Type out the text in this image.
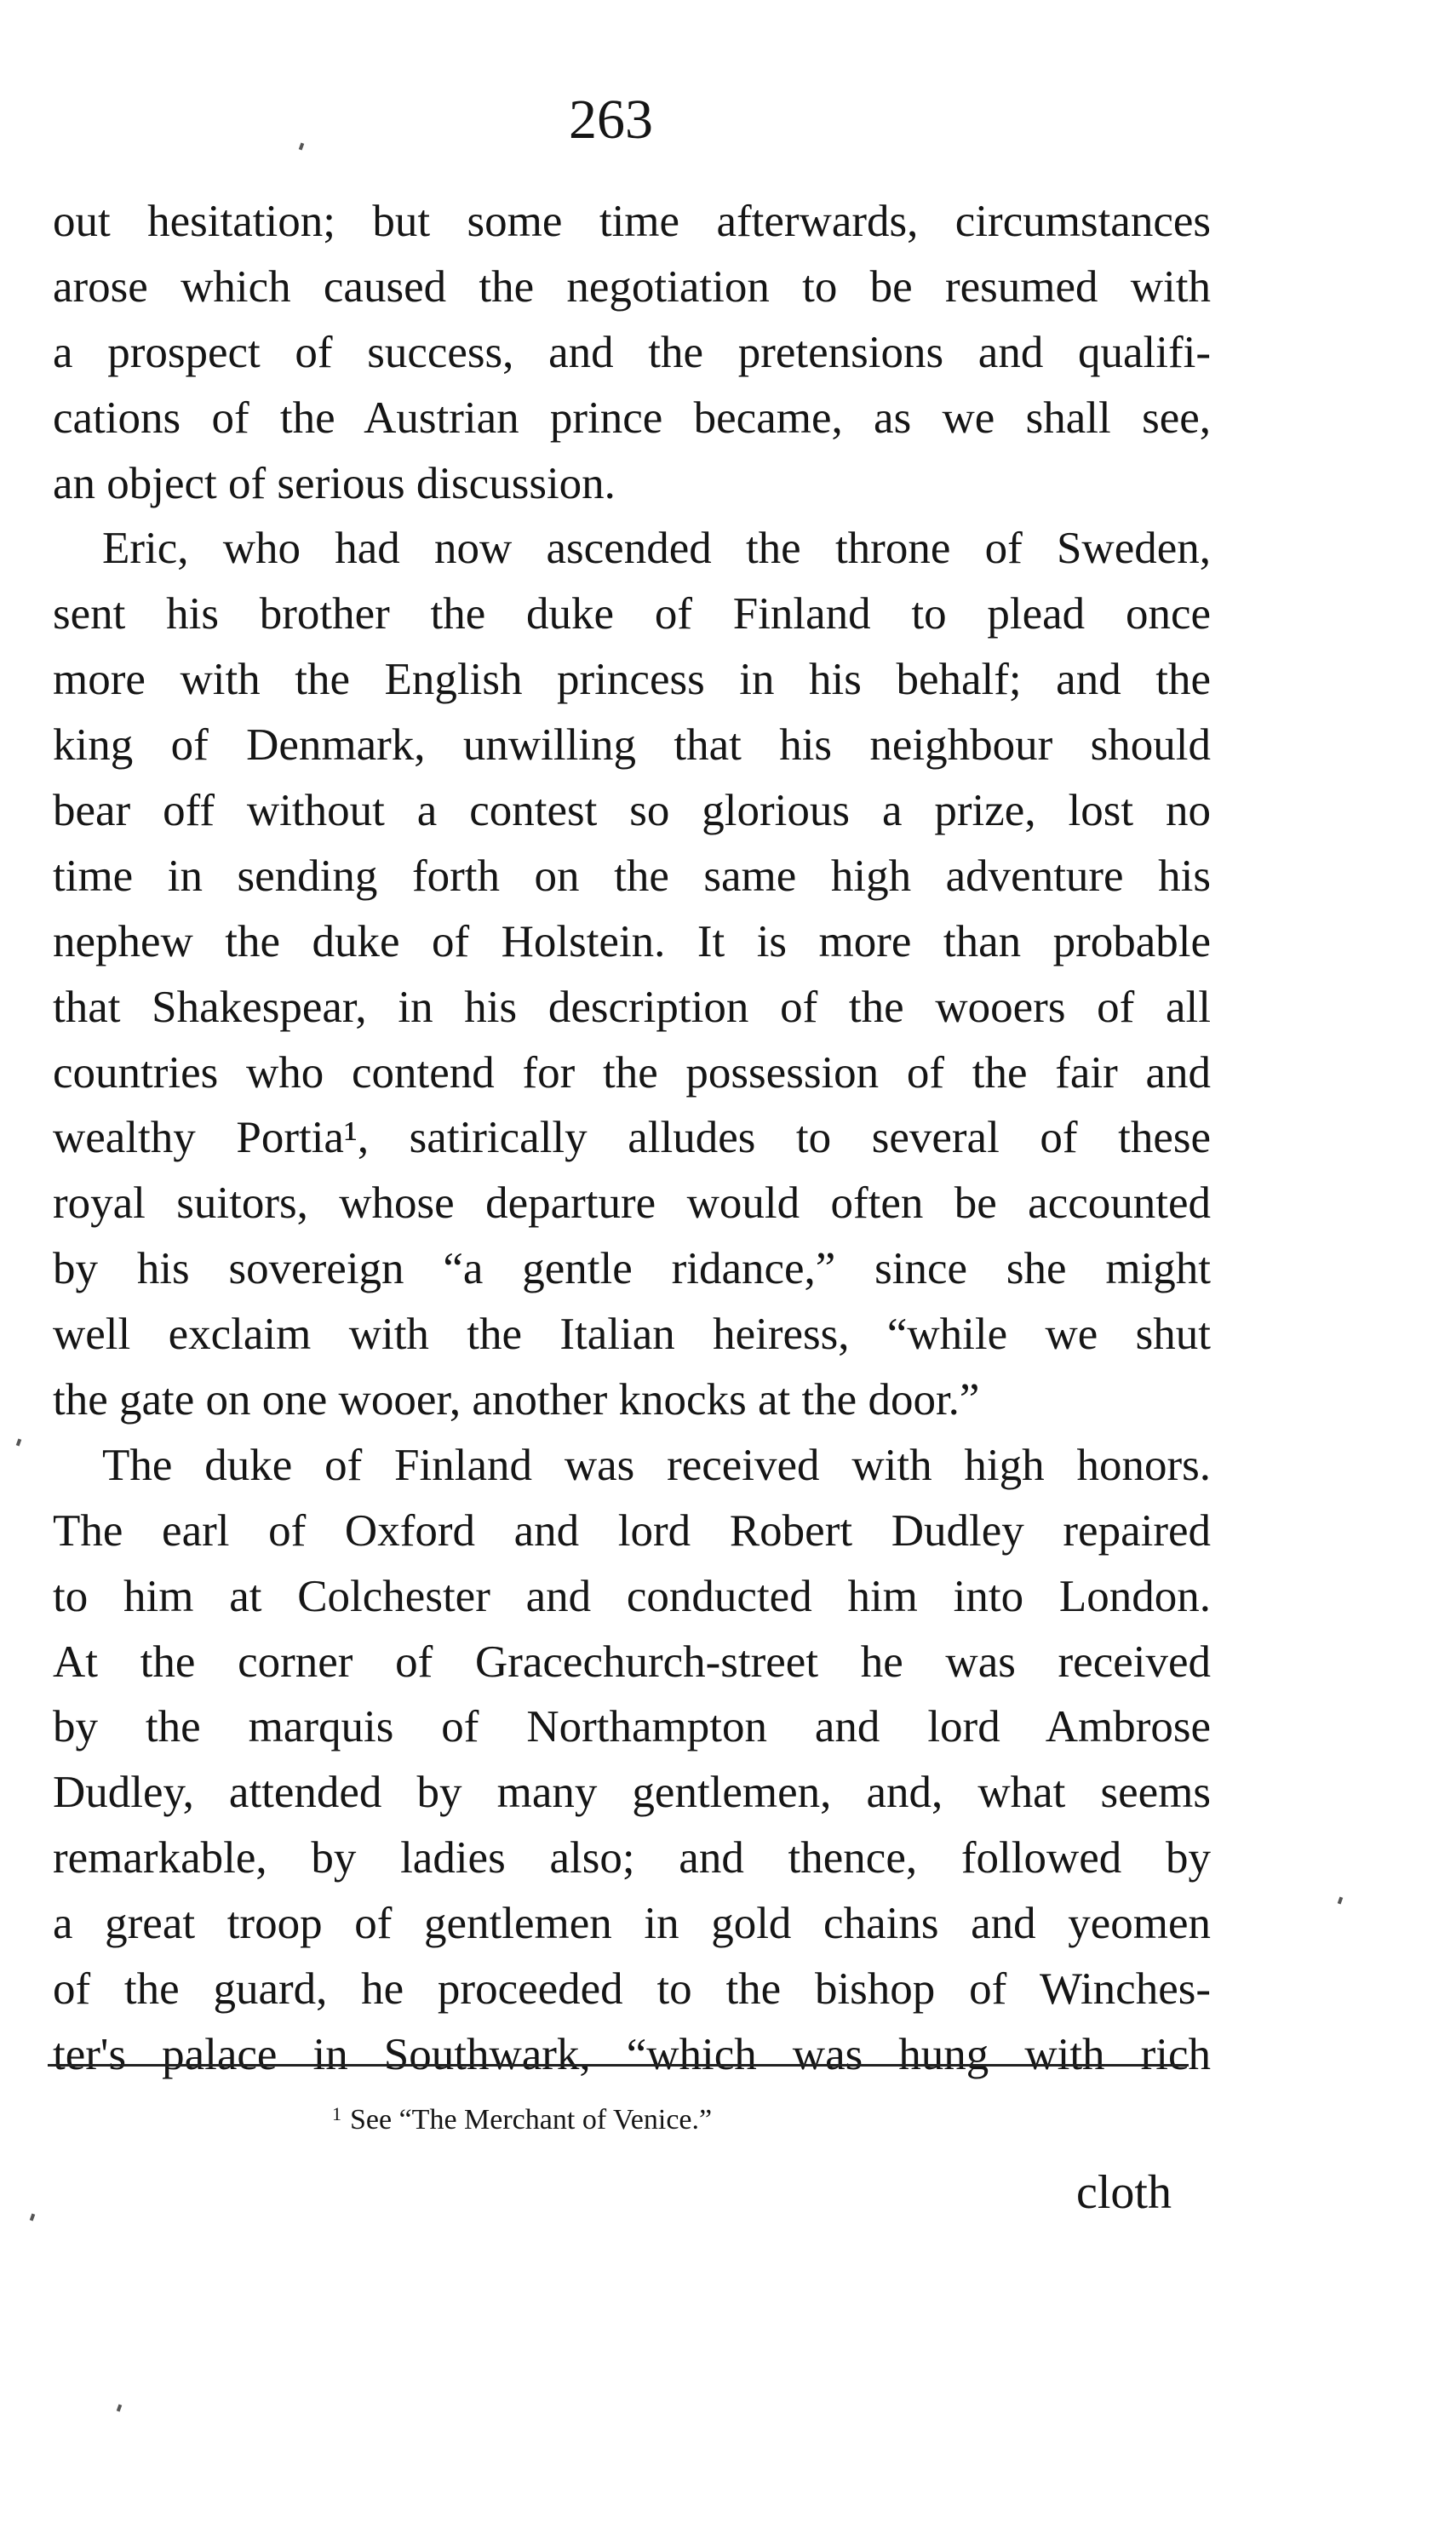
263
out hesitation; but some time afterwards, circumstances
arose which caused the negotiation to be resumed with
a prospect of success, and the pretensions and qualifi-
cations of the Austrian prince became, as we shall see,
an object of serious discussion.
Eric, who had now ascended the throne of Sweden,
sent his brother the duke of Finland to plead once
more with the English princess in his behalf; and the
king of Denmark, unwilling that his neighbour should
bear off without a contest so glorious a prize, lost no
time in sending forth on the same high adventure his
nephew the duke of Holstein. It is more than probable
that Shakespear, in his description of the wooers of all
countries who contend for the possession of the fair and
wealthy Portia¹, satirically alludes to several of these
royal suitors, whose departure would often be accounted
by his sovereign “a gentle ridance,” since she might
well exclaim with the Italian heiress, “while we shut
the gate on one wooer, another knocks at the door.”
The duke of Finland was received with high honors.
The earl of Oxford and lord Robert Dudley repaired
to him at Colchester and conducted him into London.
At the corner of Gracechurch-street he was received
by the marquis of Northampton and lord Ambrose
Dudley, attended by many gentlemen, and, what seems
remarkable, by ladies also; and thence, followed by
a great troop of gentlemen in gold chains and yeomen
of the guard, he proceeded to the bishop of Winches-
ter's palace in Southwark, “which was hung with rich
$^1$ See “The Merchant of Venice.”
cloth
